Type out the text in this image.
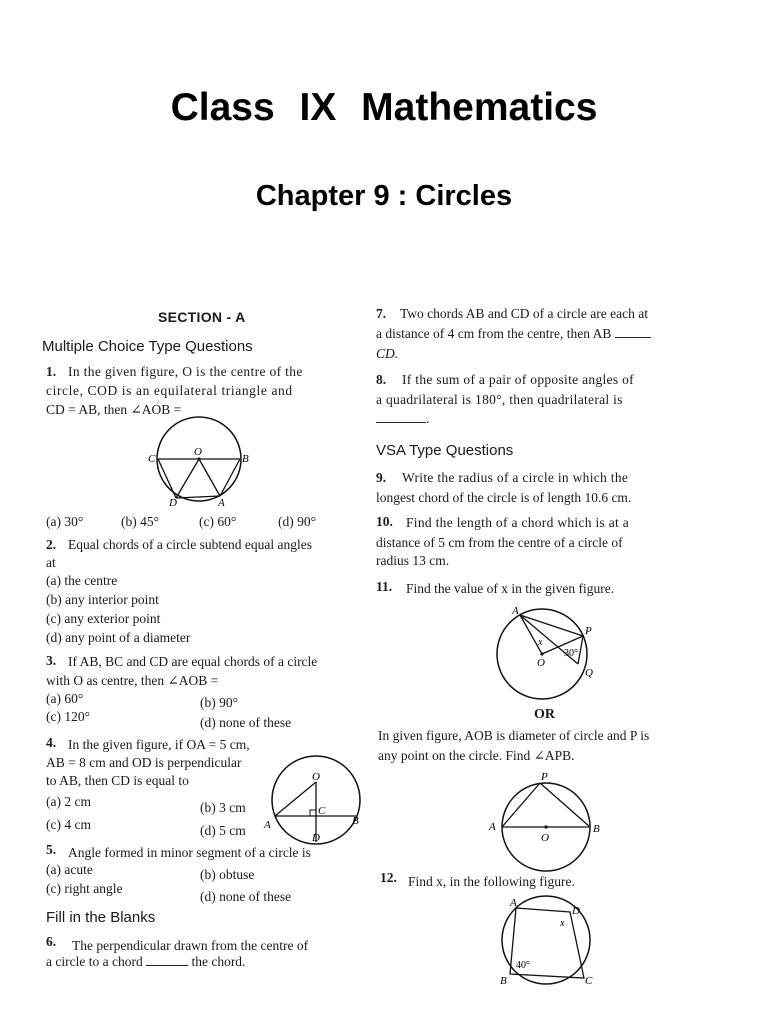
Class IX Mathematics
Chapter 9 : Circles
SECTION - A
Multiple Choice Type Questions
1. In the given figure, O is the centre of the
circle, COD is an equilateral triangle and
CD = AB, then ∠AOB =
O
C	B
D	A
(a) 30°	(b) 45°	(c) 60°	(d) 90°
2. Equal chords of a circle subtend equal angles
at
(a) the centre
(b) any interior point
(c) any exterior point
(d) any point of a diameter
3. If AB, BC and CD are equal chords of a circle
with O as centre, then ∠AOB =
(a) 60°	(b) 90°
(c) 120°	(d) none of these
4. In the given figure, if OA = 5 cm,
AB = 8 cm and OD is perpendicular
to AB, then CD is equal to
(a) 2 cm	(b) 3 cm
(c) 4 cm	(d) 5 cm
O
A	B
C
D
5. Angle formed in minor segment of a circle is
(a) acute	(b) obtuse
(c) right angle
(d) none of these
Fill in the Blanks
6. The perpendicular drawn from the centre of
a circle to a chord	the chord.
7. Two chords AB and CD of a circle are each at
a distance of 4 cm from the centre, then AB
CD.
8. If the sum of a pair of opposite angles of
a quadrilateral is 180°, then quadrilateral is
.
VSA Type Questions
9. Write the radius of a circle in which the
longest chord of the circle is of length 10.6 cm.
10. Find the length of a chord which is at a
distance of 5 cm from the centre of a circle of
radius 13 cm.
11. Find the value of x in the given figure.
A
P
O
Q
x
30°
OR
In given figure, AOB is diameter of circle and P is
any point on the circle. Find ∠APB.
P
A	B
O
12. Find x, in the following figure.
A
D
B	C
x
40°
